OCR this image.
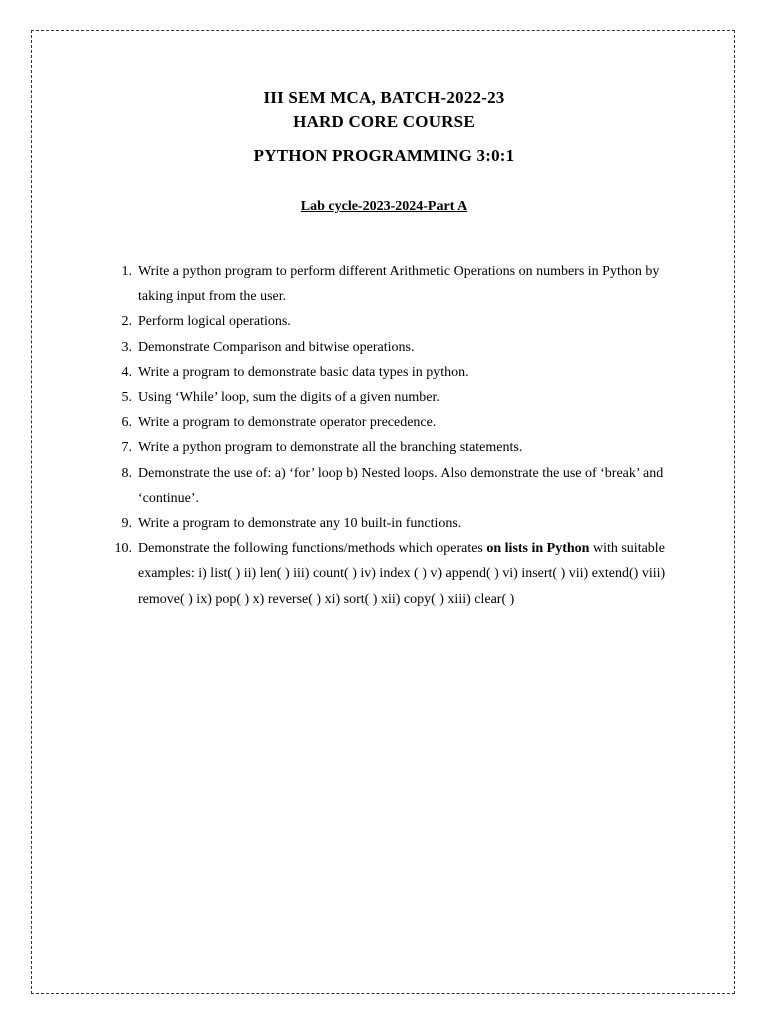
III SEM MCA, BATCH-2022-23
HARD CORE COURSE
PYTHON PROGRAMMING 3:0:1
Lab cycle-2023-2024-Part A
1. Write a python program to perform different Arithmetic Operations on numbers in Python by taking input from the user.
2. Perform logical operations.
3. Demonstrate Comparison and bitwise operations.
4. Write a program to demonstrate basic data types in python.
5. Using ‘While’ loop, sum the digits of a given number.
6. Write a program to demonstrate operator precedence.
7. Write a python program to demonstrate all the branching statements.
8. Demonstrate the use of: a) ‘for’ loop b) Nested loops. Also demonstrate the use of ‘break’ and ‘continue’.
9. Write a program to demonstrate any 10 built-in functions.
10. Demonstrate the following functions/methods which operates on lists in Python with suitable examples: i) list( ) ii) len( ) iii) count( ) iv) index ( ) v) append( ) vi) insert( ) vii) extend() viii) remove( ) ix) pop( ) x) reverse( ) xi) sort( ) xii) copy( ) xiii) clear( )
